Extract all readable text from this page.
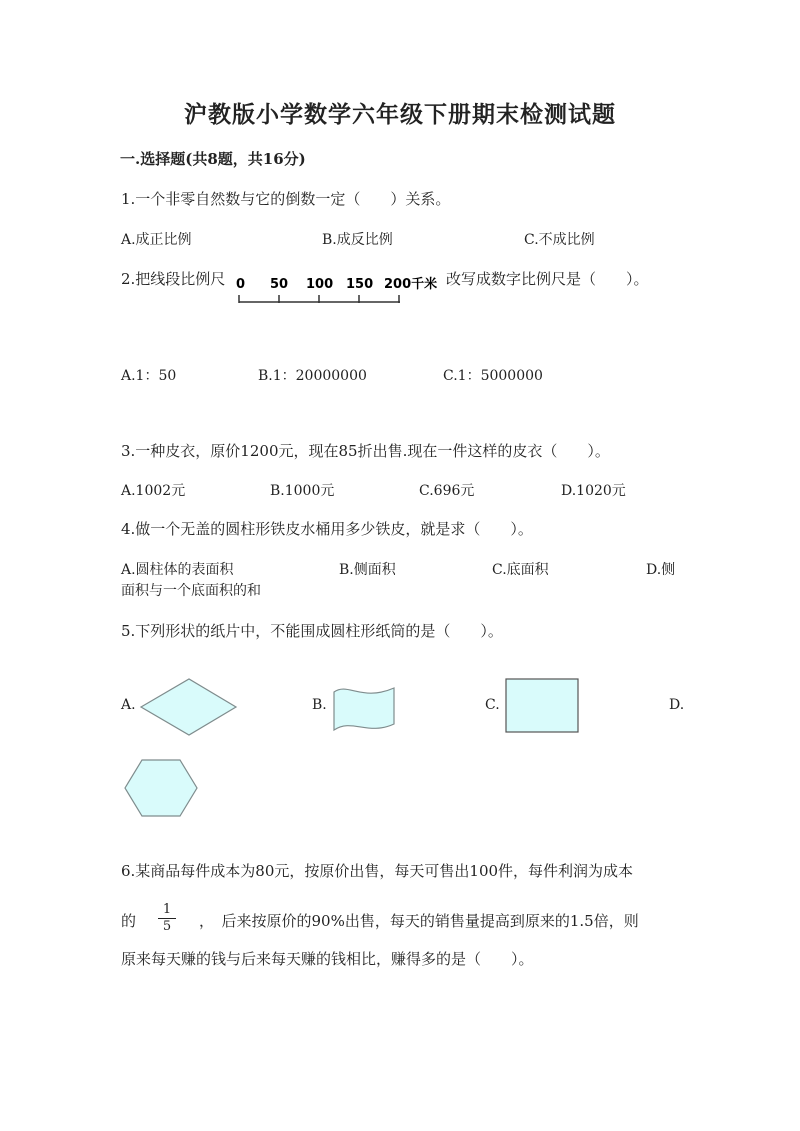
沪教版小学数学六年级下册期末检测试题
一.选择题(共8题，共16分)
1.一个非零自然数与它的倒数一定（　　）关系。
A.成正比例	B.成反比例	C.不成比例
2.把线段比例尺 0 50 100 150 200千米 改写成数字比例尺是（　　）。
A.1：50	B.1：20000000	C.1：5000000
3.一种皮衣，原价1200元，现在85折出售.现在一件这样的皮衣（　　）。
A.1002元	B.1000元	C.696元	D.1020元
4.做一个无盖的圆柱形铁皮水桶用多少铁皮，就是求（　　）。
A.圆柱体的表面积	B.侧面积	C.底面积	D.侧
面积与一个底面积的和
5.下列形状的纸片中，不能围成圆柱形纸筒的是（　　）。
A.	B.	C.	D.
6.某商品每件成本为80元，按原价出售，每天可售出100件，每件利润为成本
的
1
5	，　后来按原价的90%出售，每天的销售量提高到原来的1.5倍，则
原来每天赚的钱与后来每天赚的钱相比，赚得多的是（　　）。
